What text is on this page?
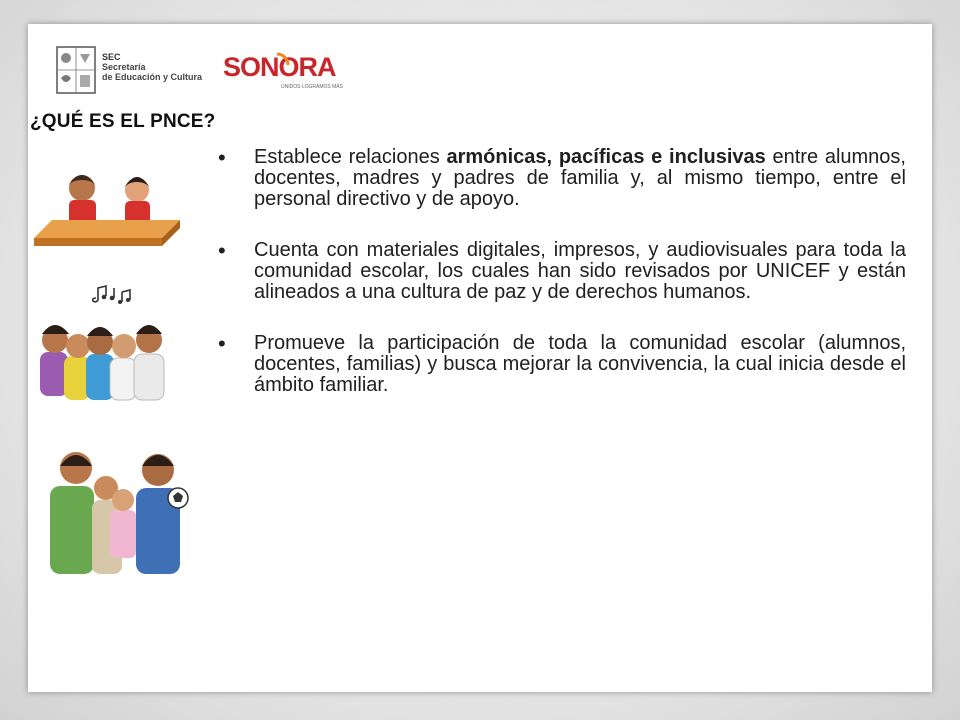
SEC
Secretaría
de Educación y Cultura SONORA
UNIDOS LOGRAMOS MÁS
¿QUÉ ES EL PNCE?
• Establece relaciones armónicas, pacíficas e inclusivas entre alumnos, docentes, madres y padres de familia y, al mismo tiempo, entre el personal directivo y de apoyo.
• Cuenta con materiales digitales, impresos, y audiovisuales para toda la comunidad escolar, los cuales han sido revisados por UNICEF y están alineados a una cultura de paz y de derechos humanos.
• Promueve la participación de toda la comunidad escolar (alumnos, docentes, familias) y busca mejorar la convivencia, la cual inicia desde el ámbito familiar.
